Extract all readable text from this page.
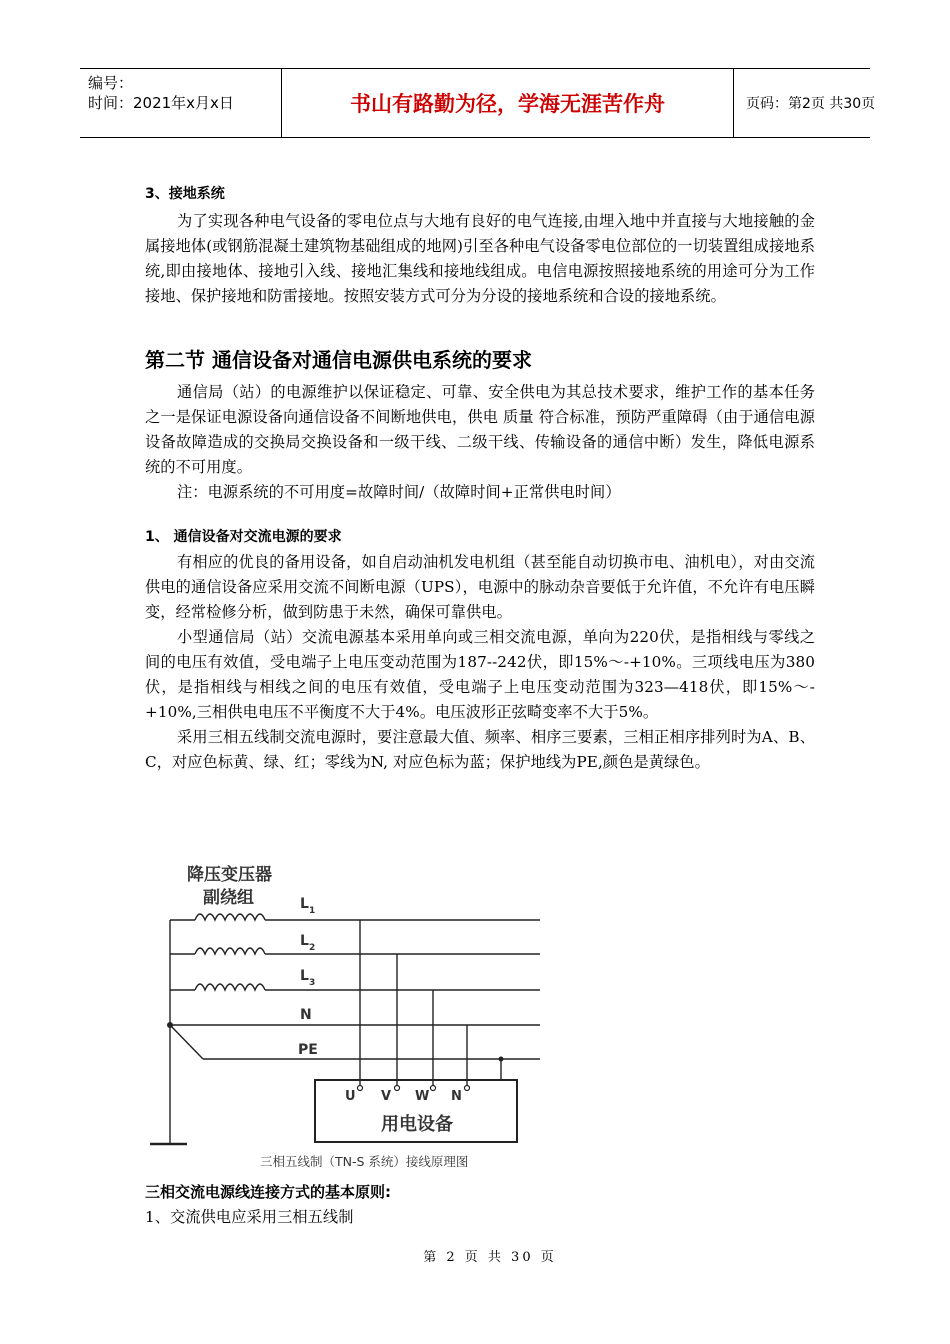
编号：
时间：2021年x月x日	书山有路勤为径，学海无涯苦作舟	页码：第2页 共30页

3、接地系统

为了实现各种电气设备的零电位点与大地有良好的电气连接,由埋入地中并直接与大地接触的金属接地体(或钢筋混凝土建筑物基础组成的地网)引至各种电气设备零电位部位的一切装置组成接地系统,即由接地体、接地引入线、接地汇集线和接地线组成。电信电源按照接地系统的用途可分为工作接地、保护接地和防雷接地。按照安装方式可分为分设的接地系统和合设的接地系统。

第二节 通信设备对通信电源供电系统的要求

通信局（站）的电源维护以保证稳定、可靠、安全供电为其总技术要求，维护工作的基本任务之一是保证电源设备向通信设备不间断地供电，供电 质量 符合标准，预防严重障碍（由于通信电源设备故障造成的交换局交换设备和一级干线、二级干线、传输设备的通信中断）发生，降低电源系统的不可用度。

注：电源系统的不可用度=故障时间/（故障时间+正常供电时间）

1、 通信设备对交流电源的要求

有相应的优良的备用设备，如自启动油机发电机组（甚至能自动切换市电、油机电），对由交流供电的通信设备应采用交流不间断电源（UPS），电源中的脉动杂音要低于允许值，不允许有电压瞬变，经常检修分析，做到防患于未然，确保可靠供电。

小型通信局（站）交流电源基本采用单向或三相交流电源，单向为220伏，是指相线与零线之间的电压有效值，受电端子上电压变动范围为187--242伏，即15%～-+10%。三项线电压为380伏，是指相线与相线之间的电压有效值，受电端子上电压变动范围为323—418伏，即15%～-+10%,三相供电电压不平衡度不大于4%。电压波形正弦畸变率不大于5%。

采用三相五线制交流电源时，要注意最大值、频率、相序三要素，三相正相序排列时为A、B、C，对应色标黄、绿、红；零线为N, 对应色标为蓝；保护地线为PE,颜色是黄绿色。

降压变压器
副绕组	L 1
L 2
L 3
N
PE
U V W N
用电设备
三相五线制（TN-S 系统）接线原理图

三相交流电源线连接方式的基本原则:

1、交流供电应采用三相五线制

第 2 页 共 30 页
